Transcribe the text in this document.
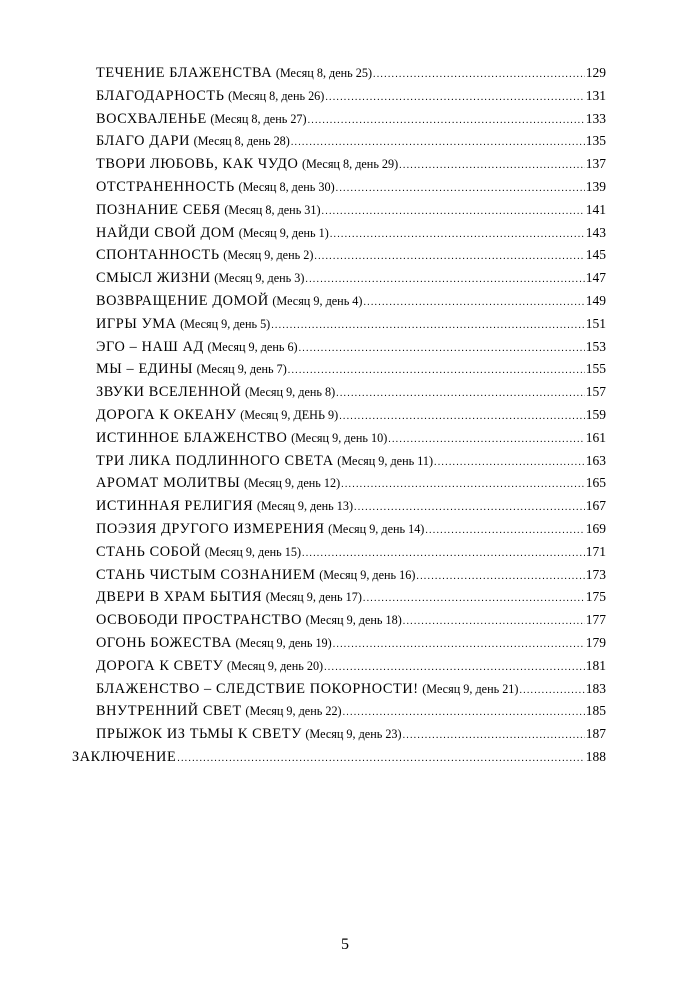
ТЕЧЕНИЕ БЛАЖЕНСТВА (Месяц 8, день 25) .....	129
БЛАГОДАРНОСТЬ (Месяц 8, день 26) .....	131
ВОСХВАЛЕНЬЕ (Месяц 8, день 27) .....	133
БЛАГО ДАРИ (Месяц 8, день 28) .....	135
ТВОРИ ЛЮБОВЬ, КАК ЧУДО (Месяц 8, день 29) .....	137
ОТСТРАНЕННОСТЬ (Месяц 8, день 30) .....	139
ПОЗНАНИЕ СЕБЯ (Месяц 8, день 31) .....	141
НАЙДИ СВОЙ ДОМ (Месяц 9, день 1) .....	143
СПОНТАННОСТЬ (Месяц 9, день 2) .....	145
СМЫСЛ ЖИЗНИ (Месяц 9, день 3) .....	147
ВОЗВРАЩЕНИЕ ДОМОЙ (Месяц 9, день 4) .....	149
ИГРЫ УМА (Месяц 9, день 5) .....	151
ЭГО – НАШ АД (Месяц 9, день 6) .....	153
МЫ – ЕДИНЫ (Месяц 9, день 7) .....	155
ЗВУКИ ВСЕЛЕННОЙ (Месяц 9, день 8) .....	157
ДОРОГА К ОКЕАНУ (Месяц 9, ДЕНЬ 9) .....	159
ИСТИННОЕ БЛАЖЕНСТВО (Месяц 9, день 10) .....	161
ТРИ ЛИКА ПОДЛИННОГО СВЕТА (Месяц 9, день 11) .....	163
АРОМАТ МОЛИТВЫ (Месяц 9, день 12) .....	165
ИСТИННАЯ РЕЛИГИЯ (Месяц 9, день 13) .....	167
ПОЭЗИЯ ДРУГОГО ИЗМЕРЕНИЯ (Месяц 9, день 14) .....	169
СТАНЬ СОБОЙ (Месяц 9, день 15) .....	171
СТАНЬ ЧИСТЫМ СОЗНАНИЕМ (Месяц 9, день 16) .....	173
ДВЕРИ В ХРАМ БЫТИЯ (Месяц 9, день 17) .....	175
ОСВОБОДИ ПРОСТРАНСТВО (Месяц 9, день 18) .....	177
ОГОНЬ БОЖЕСТВА (Месяц 9, день 19) .....	179
ДОРОГА К СВЕТУ (Месяц 9, день 20) .....	181
БЛАЖЕНСТВО – СЛЕДСТВИЕ ПОКОРНОСТИ! (Месяц 9, день 21) .....	183
ВНУТРЕННИЙ СВЕТ (Месяц 9, день 22) .....	185
ПРЫЖОК ИЗ ТЬМЫ К СВЕТУ (Месяц 9, день 23) .....	187
ЗАКЛЮЧЕНИЕ .....	188
5
